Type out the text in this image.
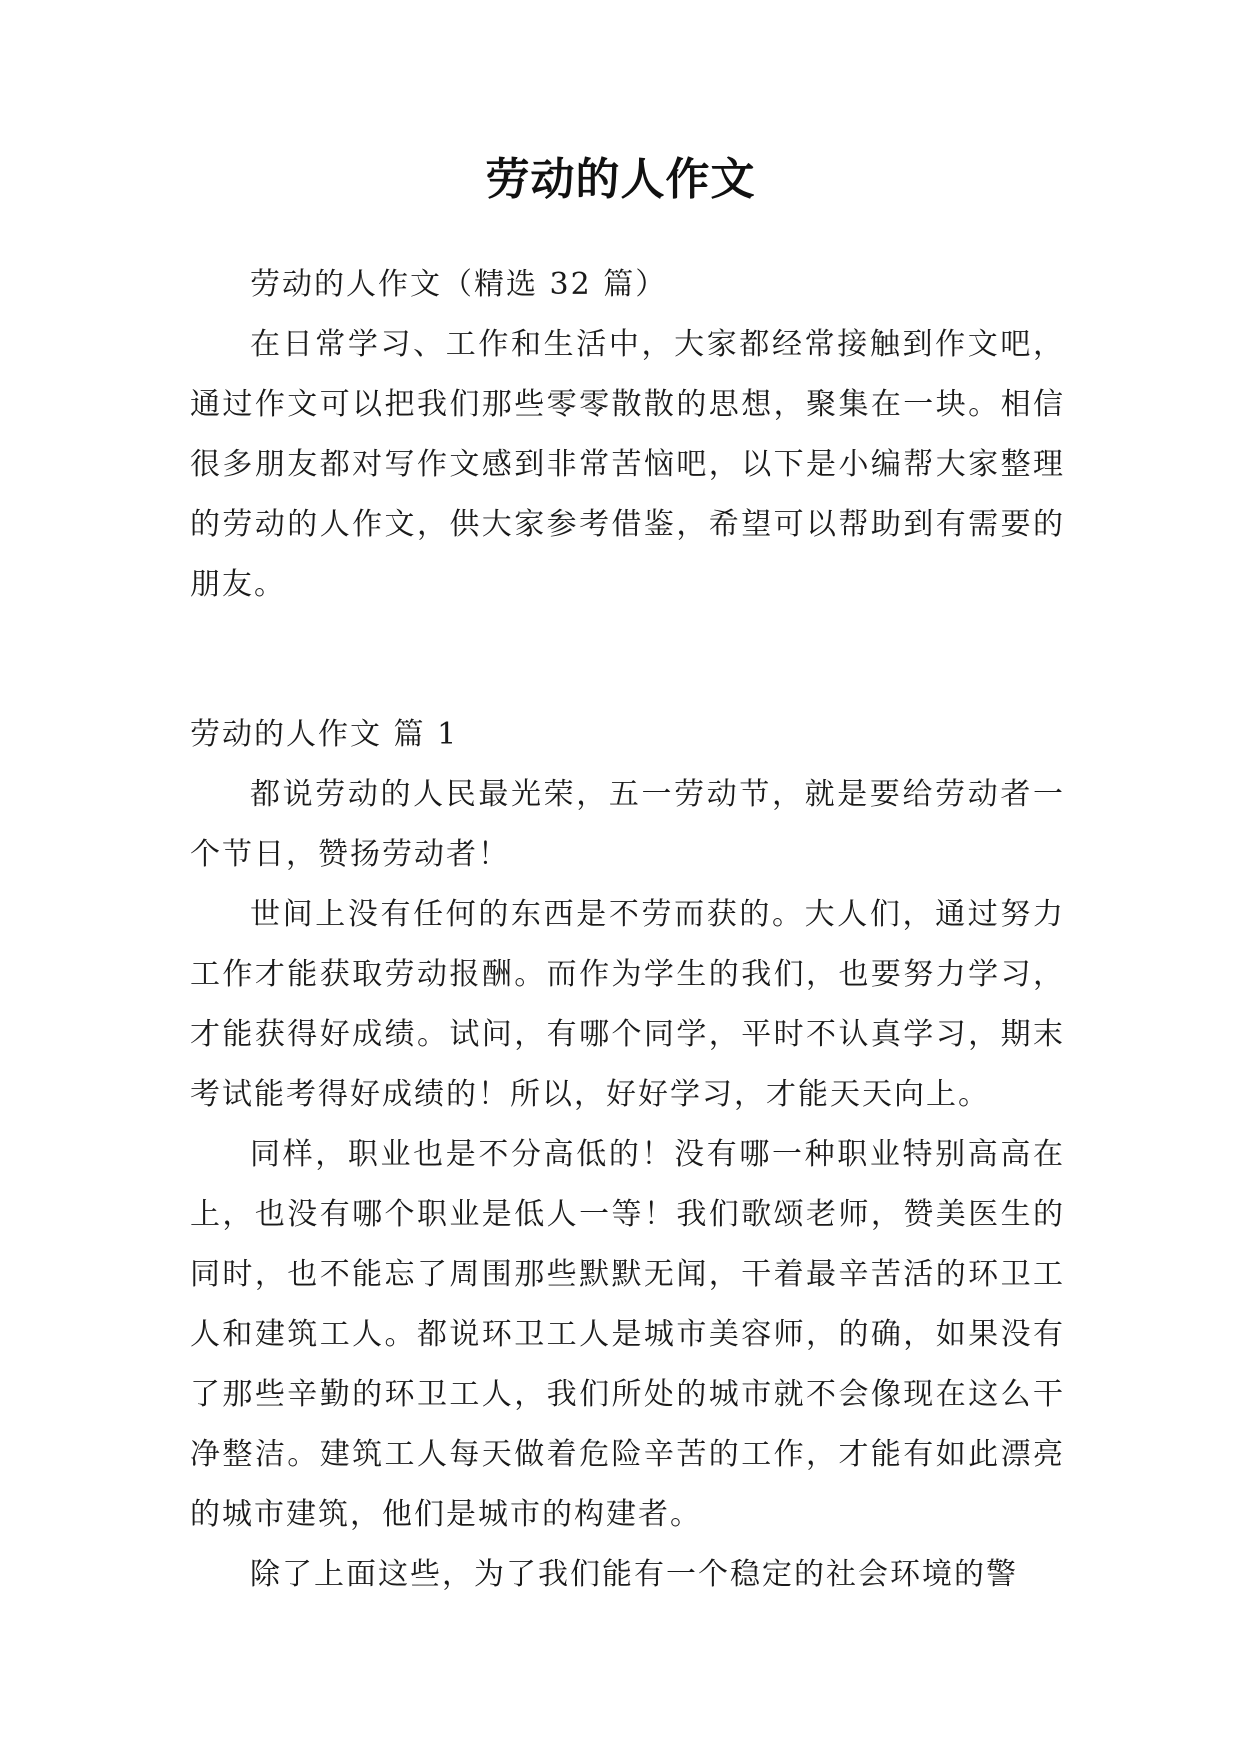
劳动的人作文

劳动的人作文（精选 32 篇）

在日常学习、工作和生活中，大家都经常接触到作文吧，通过作文可以把我们那些零零散散的思想，聚集在一块。相信很多朋友都对写作文感到非常苦恼吧，以下是小编帮大家整理的劳动的人作文，供大家参考借鉴，希望可以帮助到有需要的朋友。

劳动的人作文 篇 1

都说劳动的人民最光荣，五一劳动节，就是要给劳动者一个节日，赞扬劳动者！

世间上没有任何的东西是不劳而获的。大人们，通过努力工作才能获取劳动报酬。而作为学生的我们，也要努力学习，才能获得好成绩。试问，有哪个同学，平时不认真学习，期末考试能考得好成绩的！所以，好好学习，才能天天向上。

同样，职业也是不分高低的！没有哪一种职业特别高高在上，也没有哪个职业是低人一等！我们歌颂老师，赞美医生的同时，也不能忘了周围那些默默无闻，干着最辛苦活的环卫工人和建筑工人。都说环卫工人是城市美容师，的确，如果没有了那些辛勤的环卫工人，我们所处的城市就不会像现在这么干净整洁。建筑工人每天做着危险辛苦的工作，才能有如此漂亮的城市建筑，他们是城市的构建者。

除了上面这些，为了我们能有一个稳定的社会环境的警
